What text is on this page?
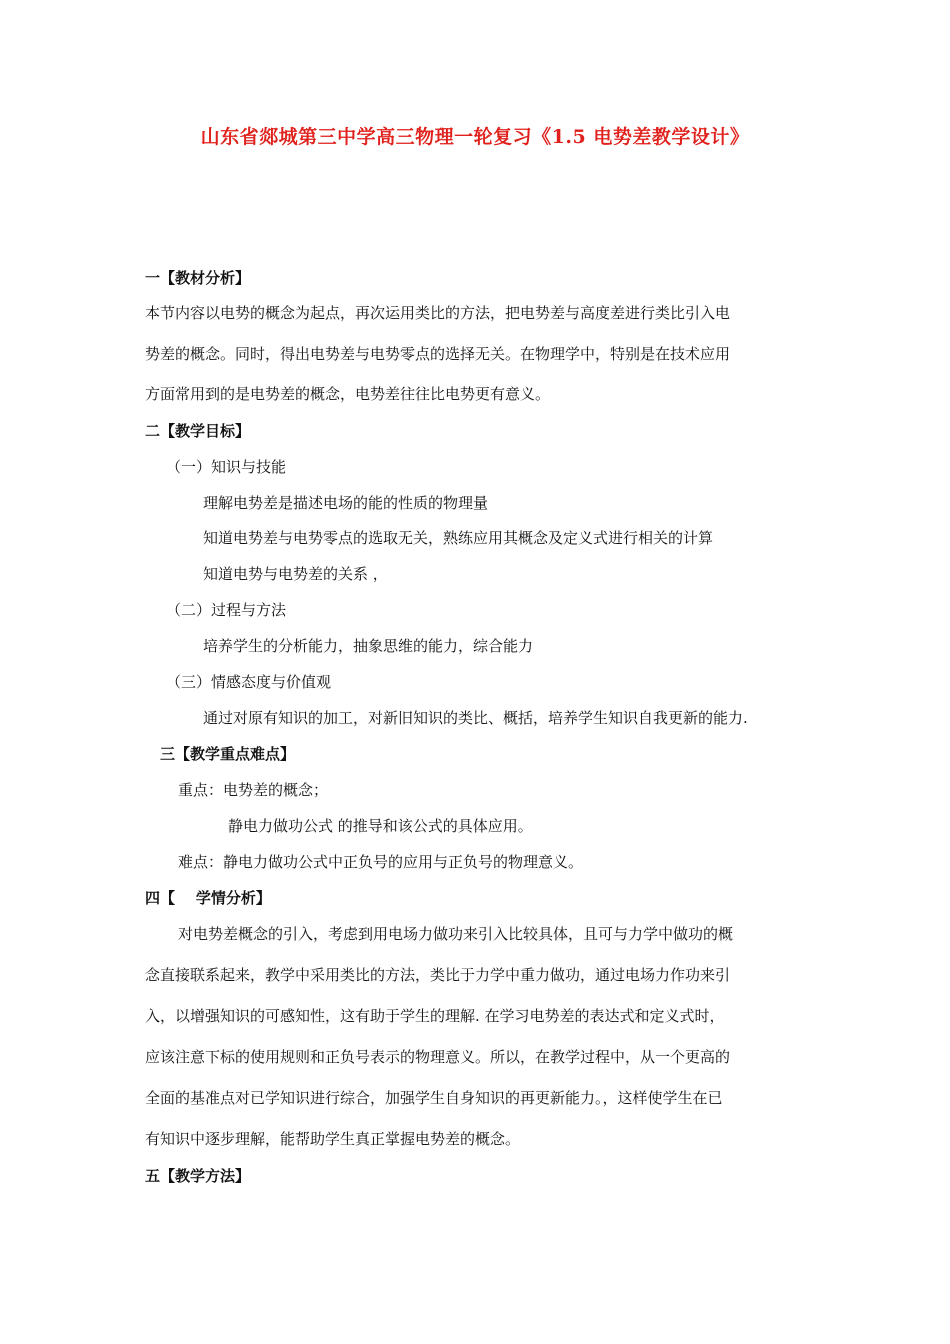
山东省郯城第三中学高三物理一轮复习《1.5 电势差教学设计》
一【教材分析】
本节内容以电势的概念为起点，再次运用类比的方法，把电势差与高度差进行类比引入电
势差的概念。同时，得出电势差与电势零点的选择无关。在物理学中，特别是在技术应用
方面常用到的是电势差的概念，电势差往往比电势更有意义。
二【教学目标】
（一）知识与技能
理解电势差是描述电场的能的性质的物理量
知道电势差与电势零点的选取无关，熟练应用其概念及定义式进行相关的计算
知道电势与电势差的关系 ，
（二）过程与方法
培养学生的分析能力，抽象思维的能力，综合能力
（三）情感态度与价值观
通过对原有知识的加工，对新旧知识的类比、概括，培养学生知识自我更新的能力.
三【教学重点难点】
重点：电势差的概念；
静电力做功公式 的推导和该公式的具体应用。
难点：静电力做功公式中正负号的应用与正负号的物理意义。
四【    学情分析】
对电势差概念的引入，考虑到用电场力做功来引入比较具体，且可与力学中做功的概
念直接联系起来，教学中采用类比的方法，类比于力学中重力做功，通过电场力作功来引
入，以增强知识的可感知性，这有助于学生的理解. 在学习电势差的表达式和定义式时，
应该注意下标的使用规则和正负号表示的物理意义。所以，在教学过程中，从一个更高的
全面的基准点对已学知识进行综合，加强学生自身知识的再更新能力。，这样使学生在已
有知识中逐步理解，能帮助学生真正掌握电势差的概念。
五【教学方法】
